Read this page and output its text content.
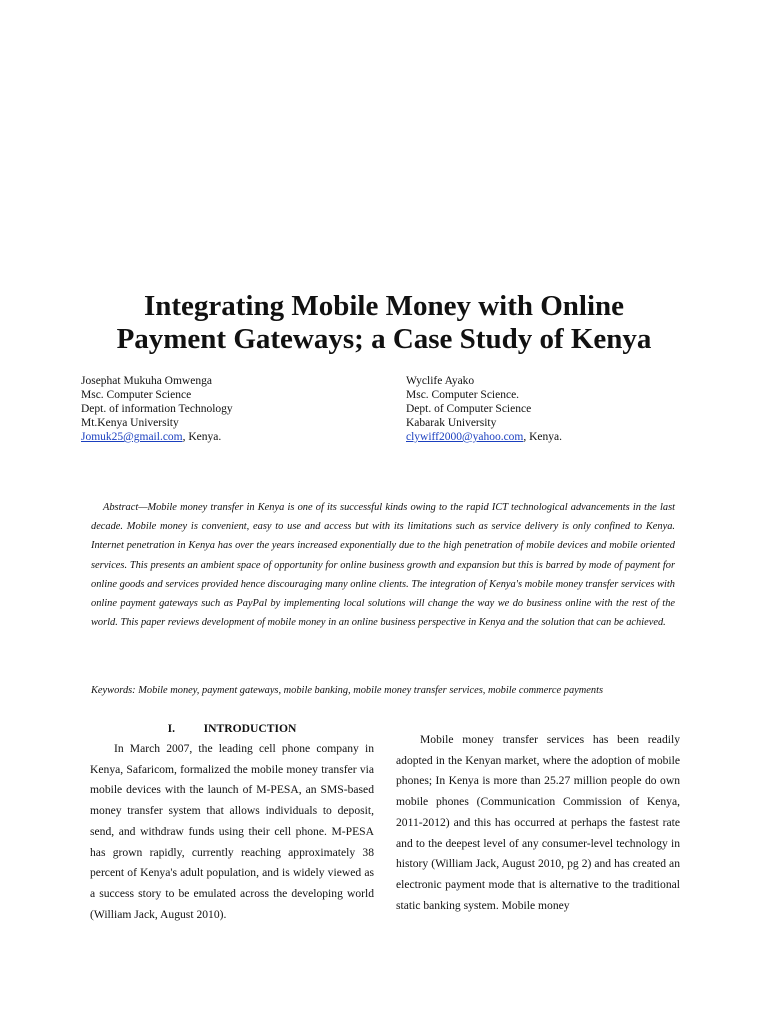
Integrating Mobile Money with Online
Payment Gateways; a Case Study of Kenya
Josephat Mukuha Omwenga
Msc. Computer Science
Dept. of information Technology
Mt.Kenya University
Jomuk25@gmail.com, Kenya.
Wyclife Ayako
Msc. Computer Science.
Dept. of Computer Science
Kabarak University
clywiff2000@yahoo.com, Kenya.
Abstract—Mobile money transfer in Kenya is one of its successful kinds owing to the rapid ICT technological advancements in the last decade. Mobile money is convenient, easy to use and access but with its limitations such as service delivery is only confined to Kenya. Internet penetration in Kenya has over the years increased exponentially due to the high penetration of mobile devices and mobile oriented services. This presents an ambient space of opportunity for online business growth and expansion but this is barred by mode of payment for online goods and services provided hence discouraging many online clients. The integration of Kenya's mobile money transfer services with online payment gateways such as PayPal by implementing local solutions will change the way we do business online with the rest of the world. This paper reviews development of mobile money in an online business perspective in Kenya and the solution that can be achieved.
Keywords: Mobile money, payment gateways, mobile banking, mobile money transfer services, mobile commerce payments
I. INTRODUCTION

In March 2007, the leading cell phone company in Kenya, Safaricom, formalized the mobile money transfer via mobile devices with the launch of M-PESA, an SMS-based money transfer system that allows individuals to deposit, send, and withdraw funds using their cell phone. M-PESA has grown rapidly, currently reaching approximately 38 percent of Kenya's adult population, and is widely viewed as a success story to be emulated across the developing world (William Jack, August 2010).

Mobile money transfer services has been readily adopted in the Kenyan market, where the adoption of mobile phones; In Kenya is more than 25.27 million people do own mobile phones (Communication Commission of Kenya, 2011-2012) and this has occurred at perhaps the fastest rate and to the deepest level of any consumer-level technology in history (William Jack, August 2010, pg 2) and has created an electronic payment mode that is alternative to the traditional static banking system. Mobile money
